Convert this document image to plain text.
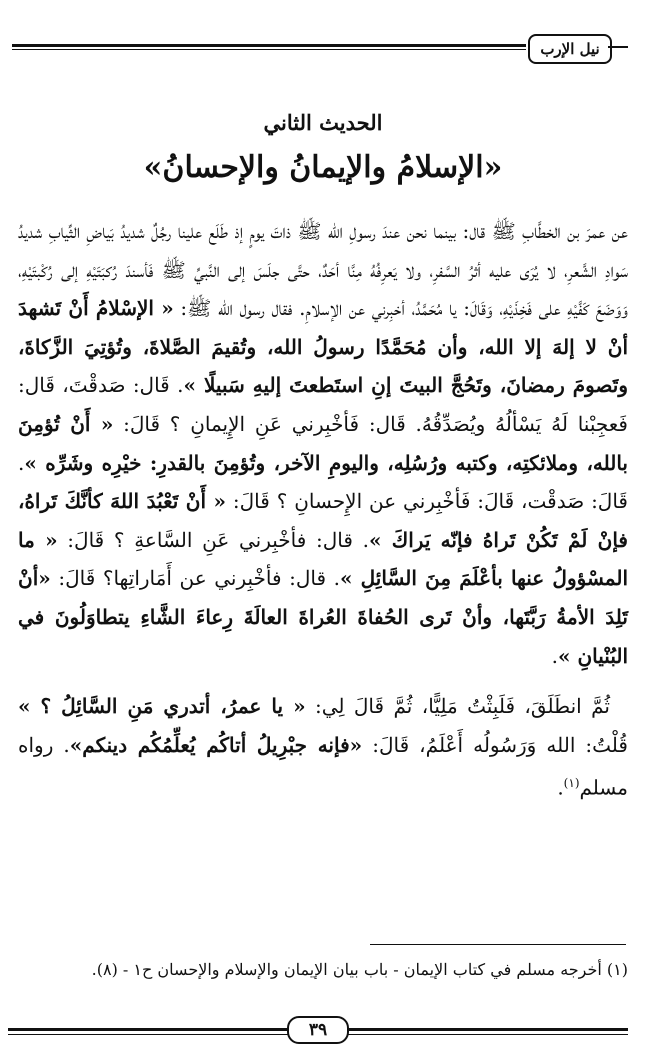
نيل الإرب
الحديث الثاني
«الإسلامُ والإيمانُ والإحسانُ»

عن عمرَ بن الخطَّابِ ﷺ قال: بينما نحن عندَ رسولِ الله ﷺ ذاتَ يومٍ إذ طَلَع علينا رجُلٌ شديدُ بَياضِ الثِّيابِ شديدُ سَوادِ الشَّعرِ، لا يُرَى عليه أثرُ السَّفرِ، ولا يَعرِفُهُ مِنَّا أحَدٌ، حتَّى جلَسَ إلى النَّبيِّ ﷺ فَأسندَ رُكبَتَيْهِ إلى رُكْبتَيْهِ، وَوَضَعَ كَفَّيْهِ على فَخِذَيْهِ، وَقَالَ: يا مُحَمَّدُ، أخبِرني عن الإسلامِ. فقال رسول الله ﷺ: « الإسْلامُ أَنْ تَشهدَ أنْ لا إلهَ إلا الله، وأن مُحَمَّدًا رسولُ الله، وتُقيمَ الصَّلاةَ، وتُؤتِيَ الزَّكاةَ، وتَصومَ رمضانَ، وتَحُجَّ البيتَ إنِ استَطعتَ إليهِ سَبيلًا ». قَال: صَدقْتَ، قَال: فَعجِبْنا لَهُ يَسْألُهُ ويُصَدِّقُهُ. قَال: فَأخْبِرني عَنِ الإِيمانِ ؟ قَالَ: « أَنْ تُؤمِنَ بالله، وملائكتِه، وكتبه ورُسُلِه، واليومِ الآخر، وتُؤمِنَ بالقدرِ: خيْرِه وشَرِّه ». قَالَ: صَدقْت، قَالَ: فَأخْبِرني عن الإِحسانِ ؟ قَالَ: « أَنْ تَعْبُدَ اللهَ كأنَّكَ تَراهُ، فإنْ لَمْ تَكُنْ تَراهُ فإنّه يَراكَ ». قال: فأخْبِرني عَنِ السَّاعةِ ؟ قَالَ: « ما المسْؤولُ عنها بأعْلَمَ مِنَ السَّائِلِ ». قال: فأخْبِرني عن أَمَاراتِها؟ قَالَ: «أنْ تَلِدَ الأمةُ رَبَّتَها، وأنْ تَرى الحُفاةَ العُراةَ العالَةَ رِعاءَ الشَّاءِ يتطاوَلُونَ في البُنْيانِ ».

ثُمَّ انطَلَقَ، فَلَبِثْتُ مَلِيًّا، ثُمَّ قَالَ لِي: « يا عمرُ، أتدري مَنِ السَّائِلُ ؟ » قُلْتُ: الله وَرَسُولُه أَعْلَمُ، قَالَ: «فإنه جبْرِيلُ أتاكُم يُعلِّمُكُم دينكم». رواه مسلم$^{(١)}$.

(١) أخرجه مسلم في كتاب الإيمان - باب بيان الإيمان والإسلام والإحسان ح١ - (٨).
٣٩
